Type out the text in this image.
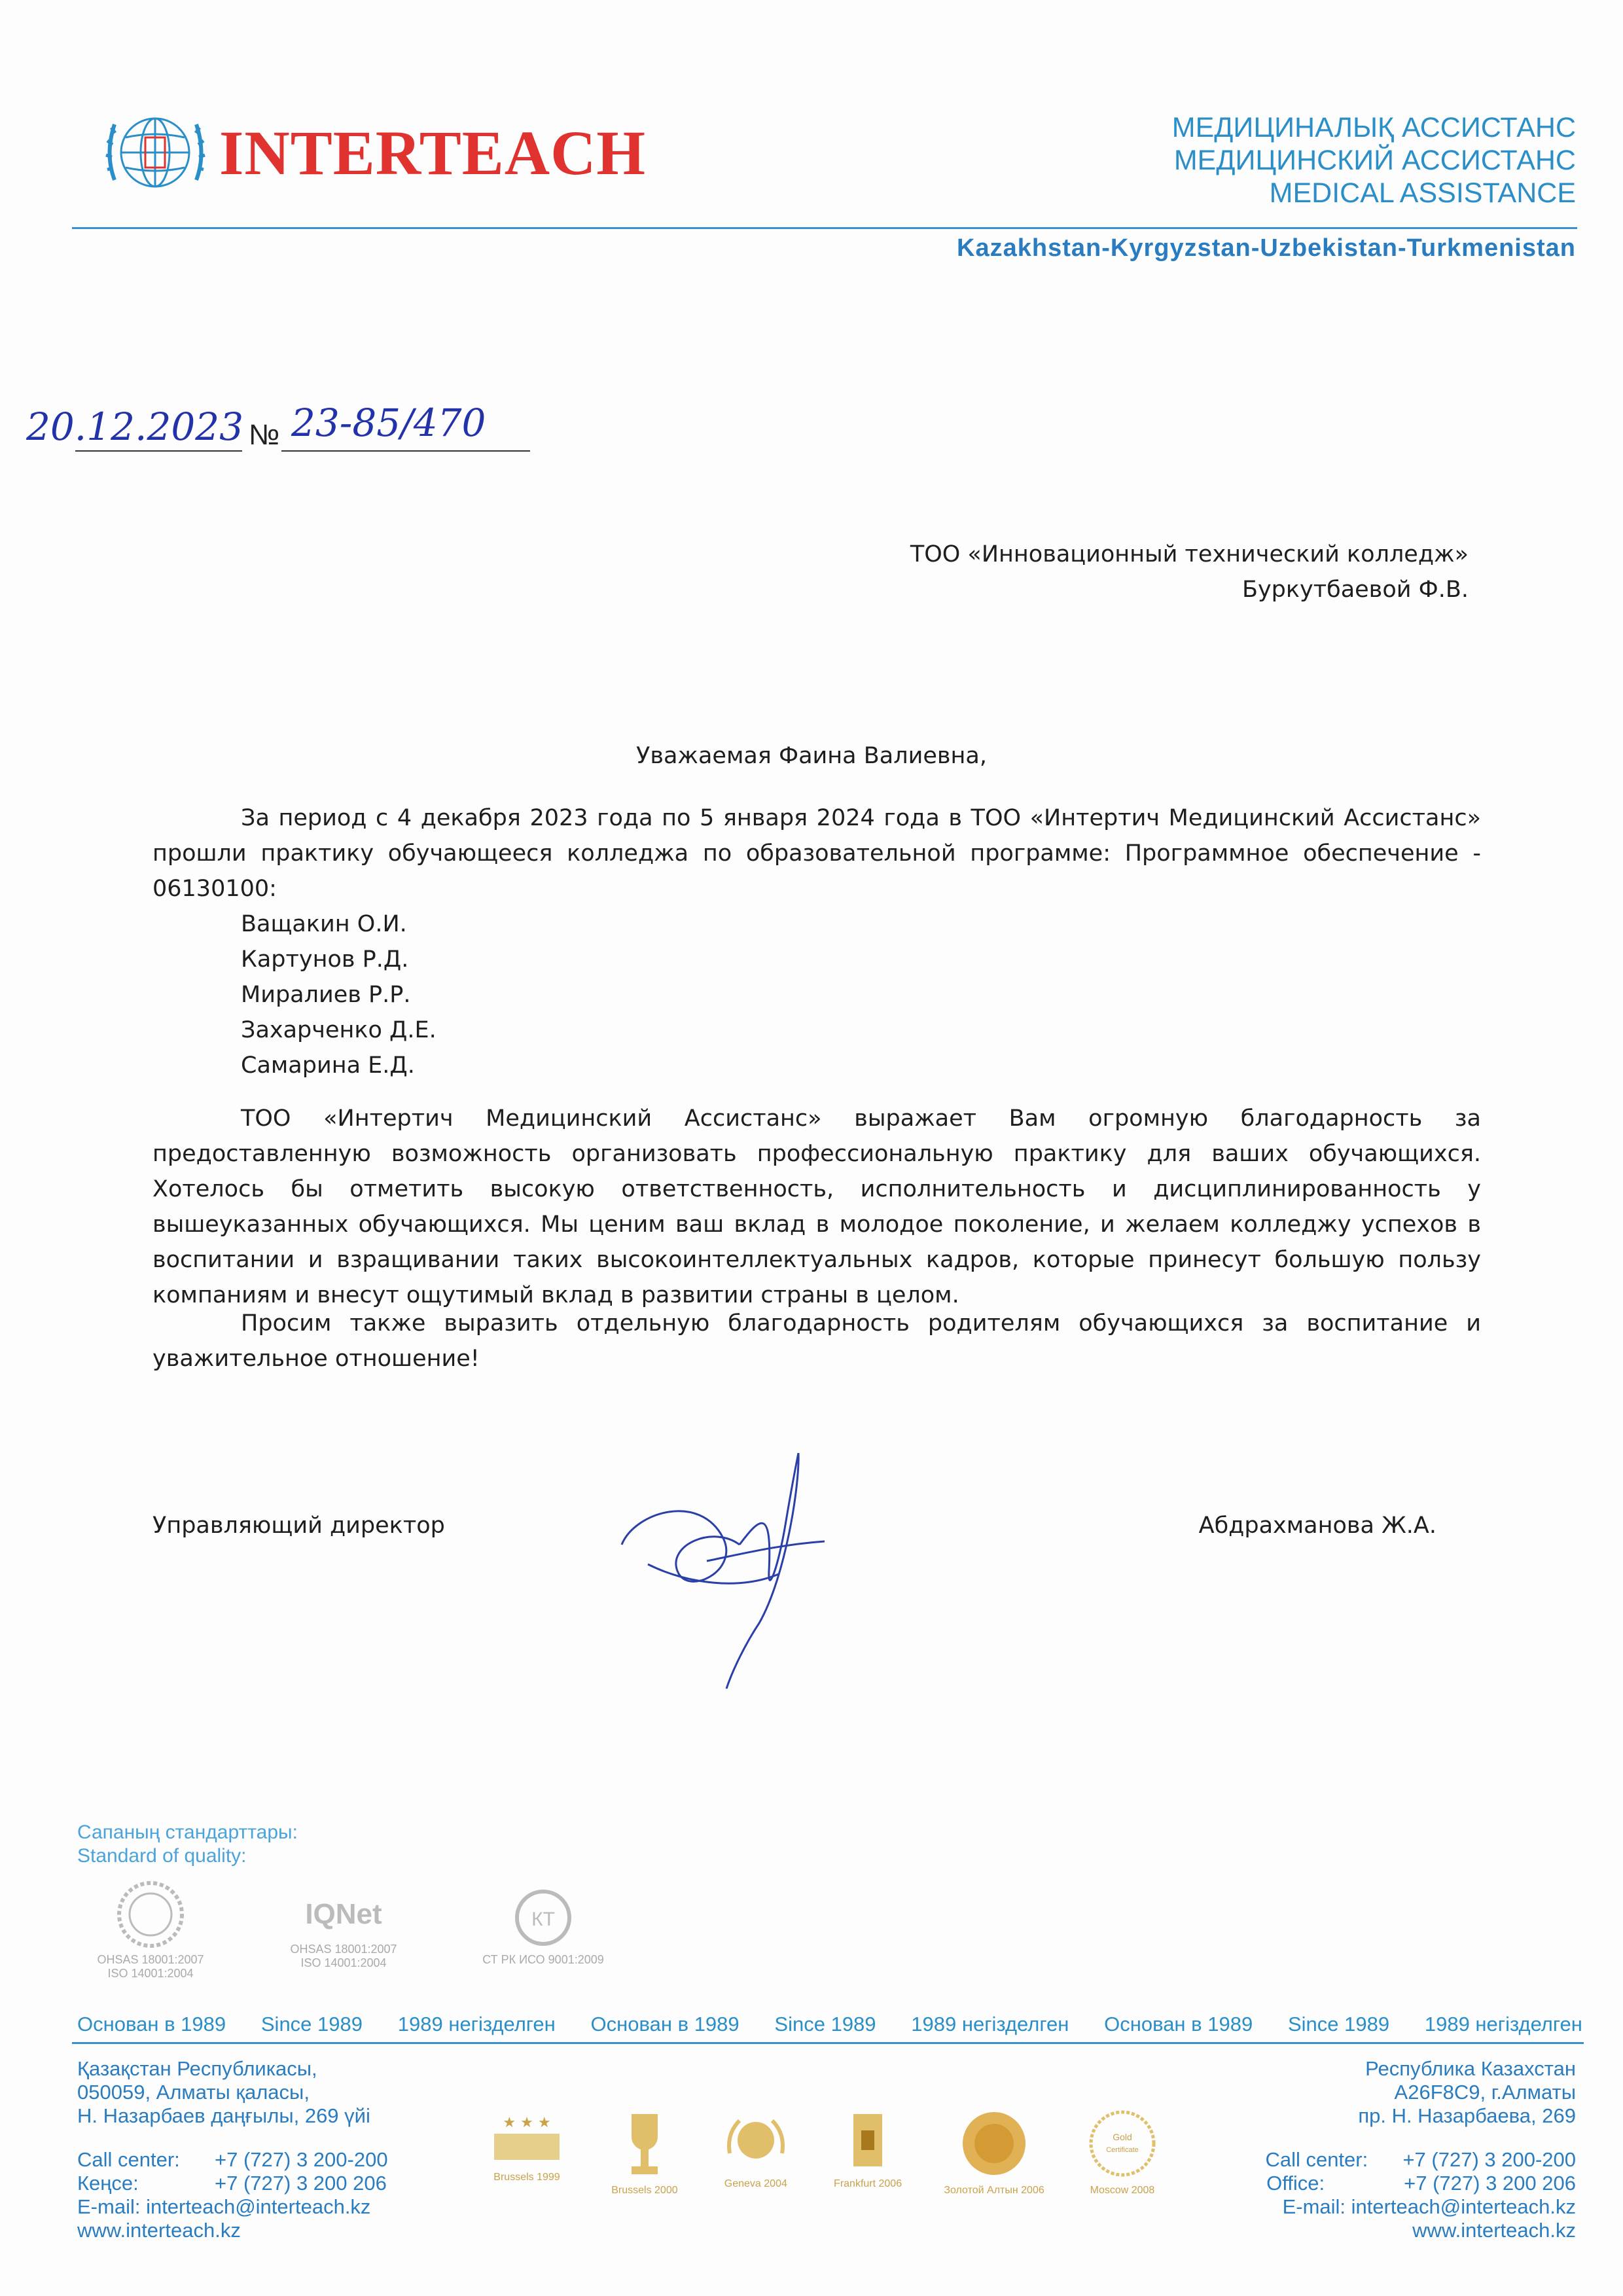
INTERTEACH	МЕДИЦИНАЛЫҚ АССИСТАНС
МЕДИЦИНСКИЙ АССИСТАНС
MEDICAL ASSISTANCE
Kazakhstan-Kyrgyzstan-Uzbekistan-Turkmenistan
20.12.2023 № 23-85/470
ТОО «Инновационный технический колледж»
Буркутбаевой Ф.В.
Уважаемая Фаина Валиевна,
За период с 4 декабря 2023 года по 5 января 2024 года в ТОО «Интертич Медицинский Ассистанс» прошли практику обучающееся колледжа по образовательной программе: Программное обеспечение - 06130100:
Ващакин О.И.
Картунов Р.Д.
Миралиев Р.Р.
Захарченко Д.Е.
Самарина Е.Д.
ТОО «Интертич Медицинский Ассистанс» выражает Вам огромную благодарность за предоставленную возможность организовать профессиональную практику для ваших обучающихся. Хотелось бы отметить высокую ответственность, исполнительность и дисциплинированность у вышеуказанных обучающихся. Мы ценим ваш вклад в молодое поколение, и желаем колледжу успехов в воспитании и взращивании таких высокоинтеллектуальных кадров, которые принесут большую пользу компаниям и внесут ощутимый вклад в развитии страны в целом.
Просим также выразить отдельную благодарность родителям обучающихся за воспитание и уважительное отношение!
Управляющий директор	Абдрахманова Ж.А.
Сапаның стандарттары:
Standard of quality:
OHSAS 18001:2007
ISO 14001:2004
IQNet
OHSAS 18001:2007
ISO 14001:2004
КТ
СТ РК ИСО 9001:2009
Основан в 1989 Since 1989 1989 негізделген Основан в 1989 Since 1989 1989 негізделген Основан в 1989 Since 1989 1989 негізделген
Қазақстан Республикасы,
050059, Алматы қаласы,
Н. Назарбаев даңғылы, 269 үйі
Республика Казахстан
A26F8C9, г.Алматы
пр. Н. Назарбаева, 269
Call center:	+7 (727) 3 200-200
Кеңсе:	+7 (727) 3 200 206
E-mail: interteach@interteach.kz
www.interteach.kz
Call center:	+7 (727) 3 200-200
Office:	+7 (727) 3 200 206
E-mail: interteach@interteach.kz
www.interteach.kz
★ ★ ★
Brussels 1999
Brussels 2000
Geneva 2004	Frankfurt 2006
Золотой Алтын 2006
Gold
Certificate
Moscow 2008
